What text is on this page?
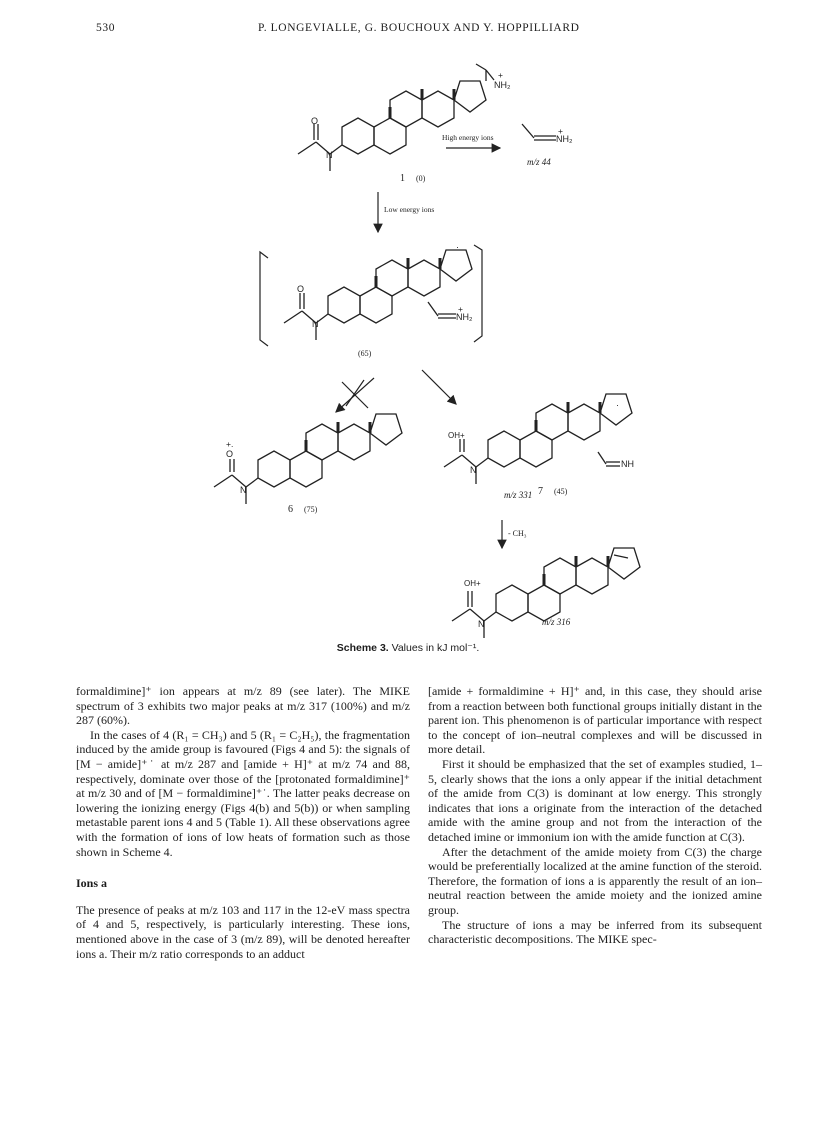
530	P. LONGEVIALLE, G. BOUCHOUX AND Y. HOPPILLIARD
+
NH₂
O
N
1 (0)
High energy ions
+
NH₂
m/z 44
Low energy ions
·
O
N
+
NH₂
(65)
+.
O
N
6 (75)
·
OH+
N
NH
m/z 331 7 (45)
- CH₃
OH+
N	m/z 316
Scheme 3. Values in kJ mol⁻¹.

formaldimine]⁺ ion appears at m/z 89 (see later). The MIKE spectrum of 3 exhibits two major peaks at m/z 317 (100%) and m/z 287 (60%).

In the cases of 4 (R₁ = CH₃) and 5 (R₁ = C₂H₅), the fragmentation induced by the amide group is favoured (Figs 4 and 5): the signals of [M − amide]⁺˙ at m/z 287 and [amide + H]⁺ at m/z 74 and 88, respectively, dominate over those of the [protonated formaldimine]⁺ at m/z 30 and of [M − formaldimine]⁺˙. The latter peaks decrease on lowering the ionizing energy (Figs 4(b) and 5(b)) or when sampling metastable parent ions 4 and 5 (Table 1). All these observations agree with the formation of ions of low heats of formation such as those shown in Scheme 4.

Ions a

The presence of peaks at m/z 103 and 117 in the 12-eV mass spectra of 4 and 5, respectively, is particularly interesting. These ions, mentioned above in the case of 3 (m/z 89), will be denoted hereafter ions a. Their m/z ratio corresponds to an adduct

[amide + formaldimine + H]⁺ and, in this case, they should arise from a reaction between both functional groups initially distant in the parent ion. This phenomenon is of particular importance with respect to the concept of ion–neutral complexes and will be discussed in more detail.

First it should be emphasized that the set of examples studied, 1–5, clearly shows that the ions a only appear if the initial detachment of the amide from C(3) is dominant at low energy. This strongly indicates that ions a originate from the interaction of the detached amide with the amine group and not from the interaction of the detached imine or immonium ion with the amide function at C(3).

After the detachment of the amide moiety from C(3) the charge would be preferentially localized at the amine function of the steroid. Therefore, the formation of ions a is apparently the result of an ion–neutral reaction between the amide moiety and the ionized amine group.

The structure of ions a may be inferred from its subsequent characteristic decompositions. The MIKE spec-
